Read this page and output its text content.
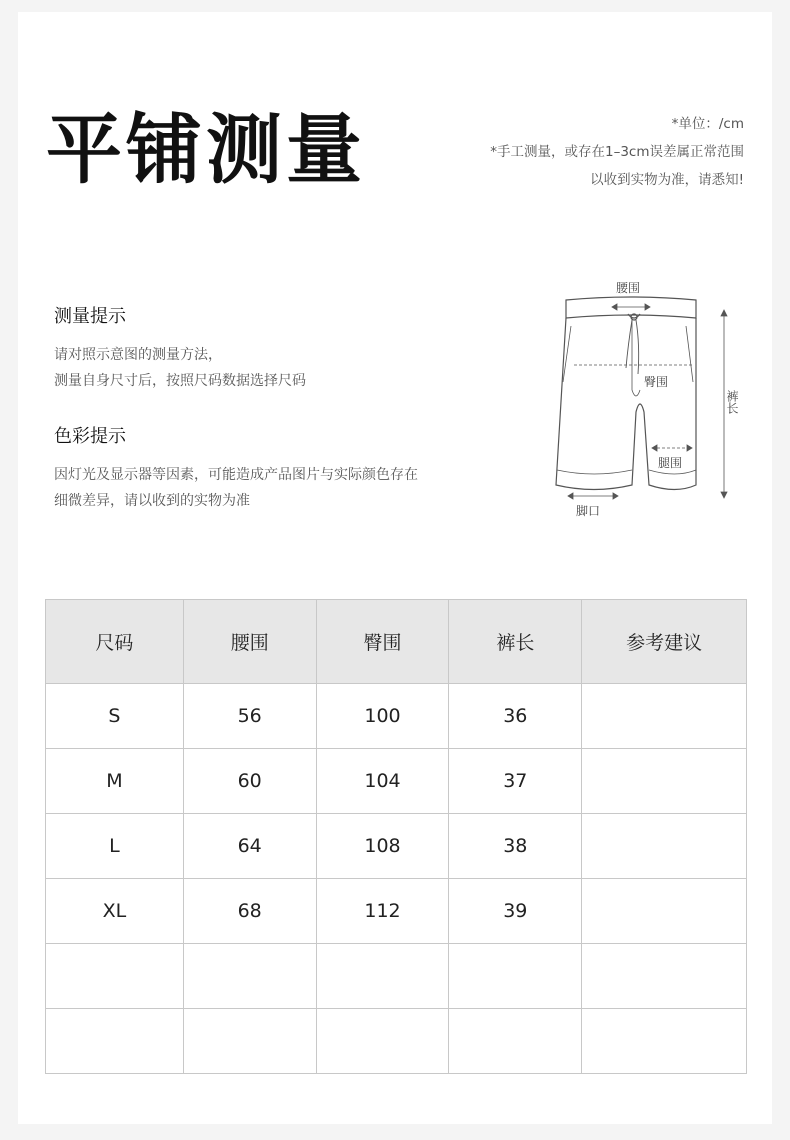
平铺测量	*单位：/cm
*手工测量，或存在1–3cm误差属正常范围
以收到实物为准，请悉知!
测量提示
请对照示意图的测量方法，
测量自身尺寸后，按照尺码数据选择尺码
色彩提示
因灯光及显示器等因素，可能造成产品图片与实际颜色存在
细微差异，请以收到的实物为准
腰围
臀围
腿围
脚口
裤长
尺码	腰围	臀围	裤长	参考建议
S	56	100	36	
M	60	104	37	
L	64	108	38	
XL	68	112	39	
